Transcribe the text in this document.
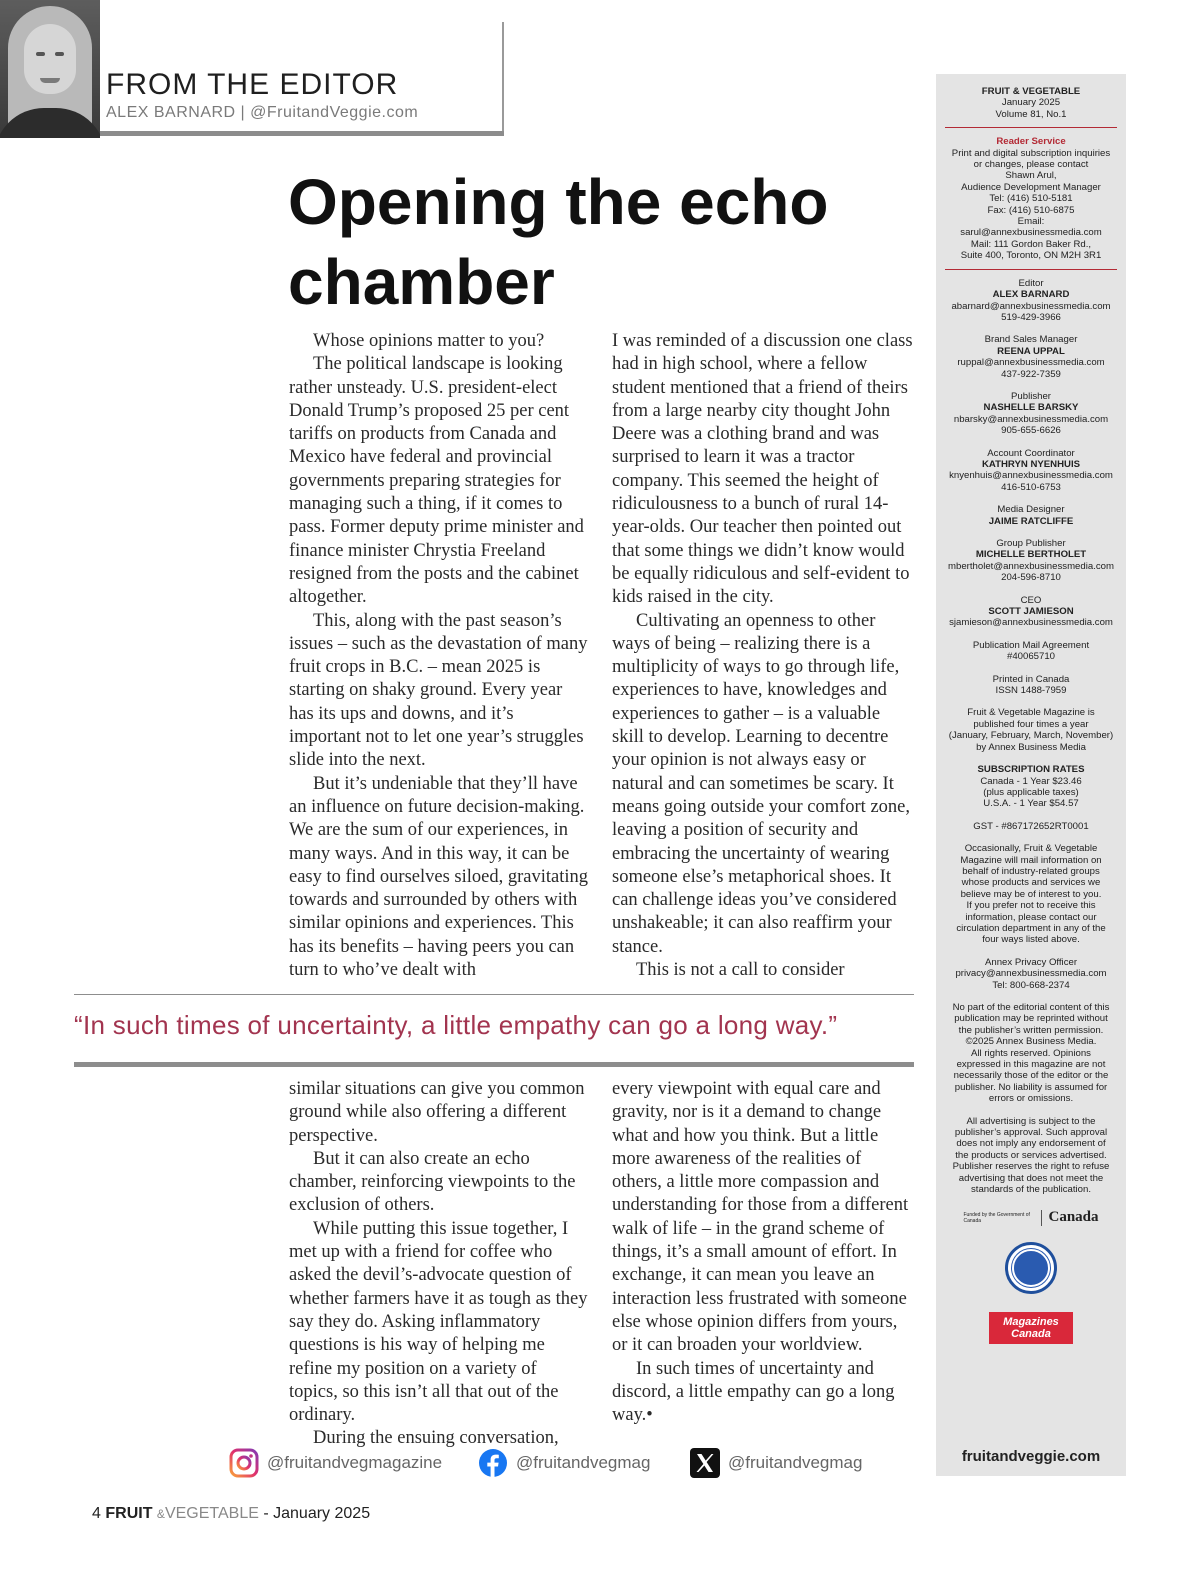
FROM THE EDITOR
ALEX BARNARD | @FruitandVeggie.com
Opening the echo chamber

Whose opinions matter to you?

The political landscape is looking rather unsteady. U.S. president-elect Donald Trump’s proposed 25 per cent tariffs on products from Canada and Mexico have federal and provincial governments preparing strategies for managing such a thing, if it comes to pass. Former deputy prime minister and finance minister Chrystia Freeland resigned from the posts and the cabinet altogether.

This, along with the past season’s issues – such as the devastation of many fruit crops in B.C. – mean 2025 is starting on shaky ground. Every year has its ups and downs, and it’s important not to let one year’s struggles slide into the next.

But it’s undeniable that they’ll have an influence on future decision-making. We are the sum of our experiences, in many ways. And in this way, it can be easy to find ourselves siloed, gravitating towards and surrounded by others with similar opinions and experiences. This has its benefits – having peers you can turn to who’ve dealt with

I was reminded of a discussion one class had in high school, where a fellow student mentioned that a friend of theirs from a large nearby city thought John Deere was a clothing brand and was surprised to learn it was a tractor company. This seemed the height of ridiculousness to a bunch of rural 14-year-olds. Our teacher then pointed out that some things we didn’t know would be equally ridiculous and self-evident to kids raised in the city.

Cultivating an openness to other ways of being – realizing there is a multiplicity of ways to go through life, experiences to have, knowledges and experiences to gather – is a valuable skill to develop. Learning to decentre your opinion is not always easy or natural and can sometimes be scary. It means going outside your comfort zone, leaving a position of security and embracing the uncertainty of wearing someone else’s metaphorical shoes. It can challenge ideas you’ve considered unshakeable; it can also reaffirm your stance.

This is not a call to consider

“In such times of uncertainty, a little empathy can go a long way.”

similar situations can give you common ground while also offering a different perspective.

But it can also create an echo chamber, reinforcing viewpoints to the exclusion of others.

While putting this issue together, I met up with a friend for coffee who asked the devil’s-advocate question of whether farmers have it as tough as they say they do. Asking inflammatory questions is his way of helping me refine my position on a variety of topics, so this isn’t all that out of the ordinary.

During the ensuing conversation,

every viewpoint with equal care and gravity, nor is it a demand to change what and how you think. But a little more awareness of the realities of others, a little more compassion and understanding for those from a different walk of life – in the grand scheme of things, it’s a small amount of effort. In exchange, it can mean you leave an interaction less frustrated with someone else whose opinion differs from yours, or it can broaden your worldview.

In such times of uncertainty and discord, a little empathy can go a long way.•

@fruitandvegmagazine	@fruitandvegmag	@fruitandvegmag
4 FRUIT &VEGETABLE - January 2025
FRUIT & VEGETABLE
January 2025
Volume 81, No.1
Reader Service
Print and digital subscription inquiries
or changes, please contact
Shawn Arul,
Audience Development Manager
Tel: (416) 510-5181
Fax: (416) 510-6875
Email:
sarul@annexbusinessmedia.com
Mail: 111 Gordon Baker Rd.,
Suite 400, Toronto, ON M2H 3R1
Editor
ALEX BARNARD
abarnard@annexbusinessmedia.com
519-429-3966
Brand Sales Manager
REENA UPPAL
ruppal@annexbusinessmedia.com
437-922-7359
Publisher
NASHELLE BARSKY
nbarsky@annexbusinessmedia.com
905-655-6626
Account Coordinator
KATHRYN NYENHUIS
knyenhuis@annexbusinessmedia.com
416-510-6753
Media Designer
JAIME RATCLIFFE
Group Publisher
MICHELLE BERTHOLET
mbertholet@annexbusinessmedia.com
204-596-8710
CEO
SCOTT JAMIESON
sjamieson@annexbusinessmedia.com
Publication Mail Agreement
#40065710
Printed in Canada
ISSN 1488-7959
Fruit & Vegetable Magazine is
published four times a year
(January, February, March, November)
by Annex Business Media
SUBSCRIPTION RATES
Canada - 1 Year $23.46
(plus applicable taxes)
U.S.A. - 1 Year $54.57
GST - #867172652RT0001
Occasionally, Fruit & Vegetable
Magazine will mail information on
behalf of industry-related groups
whose products and services we
believe may be of interest to you.
If you prefer not to receive this
information, please contact our
circulation department in any of the
four ways listed above.
Annex Privacy Officer
privacy@annexbusinessmedia.com
Tel: 800-668-2374
No part of the editorial content of this
publication may be reprinted without
the publisher’s written permission.
©2025 Annex Business Media.
All rights reserved. Opinions
expressed in this magazine are not
necessarily those of the editor or the
publisher. No liability is assumed for
errors or omissions.
All advertising is subject to the
publisher’s approval. Such approval
does not imply any endorsement of
the products or services advertised.
Publisher reserves the right to refuse
advertising that does not meet the
standards of the publication.
Funded by the Government of Canada	Canada
Magazines Canada
fruitandveggie.com
